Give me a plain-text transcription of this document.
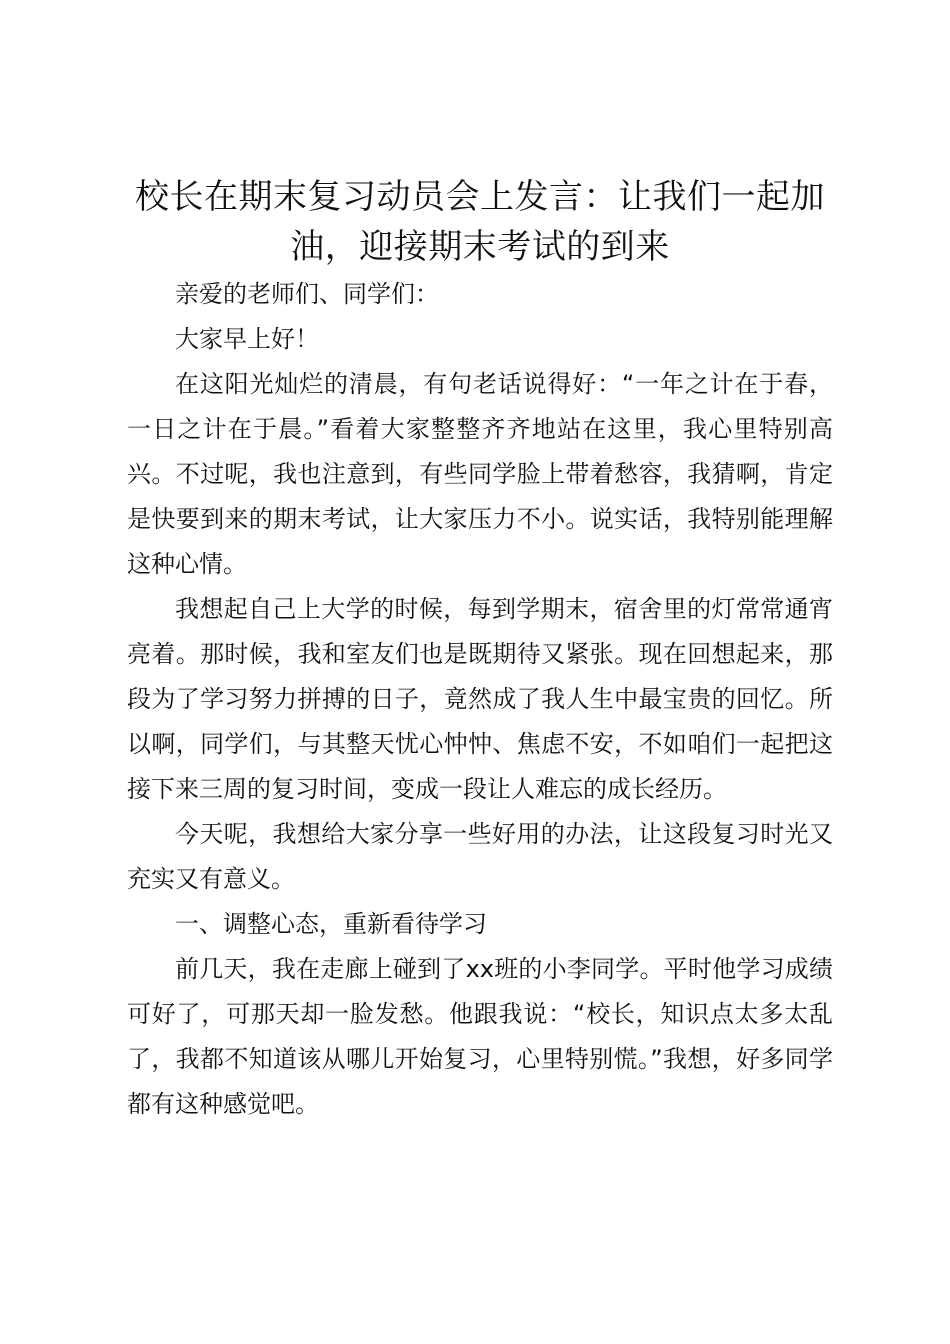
校长在期末复习动员会上发言：让我们一起加油，迎接期末考试的到来

亲爱的老师们、同学们：

大家早上好！

在这阳光灿烂的清晨，有句老话说得好：“一年之计在于春，一日之计在于晨。”看着大家整整齐齐地站在这里，我心里特别高兴。不过呢，我也注意到，有些同学脸上带着愁容，我猜啊，肯定是快要到来的期末考试，让大家压力不小。说实话，我特别能理解这种心情。

我想起自己上大学的时候，每到学期末，宿舍里的灯常常通宵亮着。那时候，我和室友们也是既期待又紧张。现在回想起来，那段为了学习努力拼搏的日子，竟然成了我人生中最宝贵的回忆。所以啊，同学们，与其整天忧心忡忡、焦虑不安，不如咱们一起把这接下来三周的复习时间，变成一段让人难忘的成长经历。

今天呢，我想给大家分享一些好用的办法，让这段复习时光又充实又有意义。

一、调整心态，重新看待学习

前几天，我在走廊上碰到了xx班的小李同学。平时他学习成绩可好了，可那天却一脸发愁。他跟我说：“校长，知识点太多太乱了，我都不知道该从哪儿开始复习，心里特别慌。”我想，好多同学都有这种感觉吧。
